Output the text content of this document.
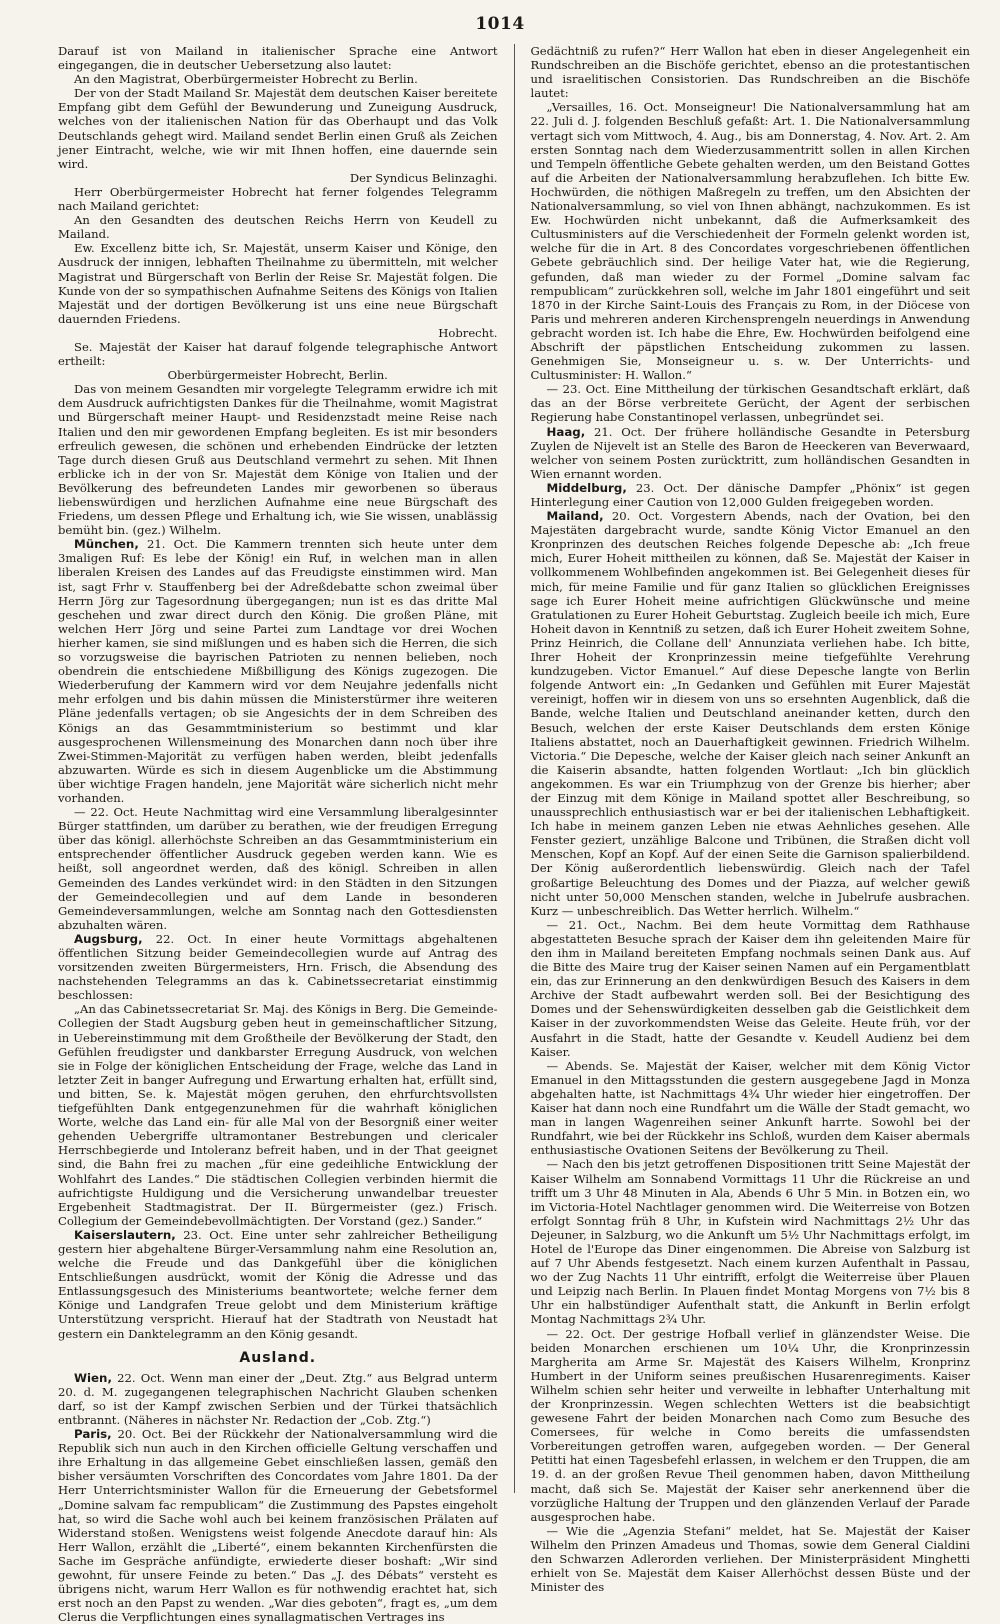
1014

Darauf ist von Mailand in italienischer Sprache eine Antwort eingegangen, die in deutscher Uebersetzung also lautet:

An den Magistrat, Oberbürgermeister Hobrecht zu Berlin.

Der von der Stadt Mailand Sr. Majestät dem deutschen Kaiser bereitete Empfang gibt dem Gefühl der Bewunderung und Zuneigung Ausdruck, welches von der italienischen Nation für das Oberhaupt und das Volk Deutschlands gehegt wird. Mailand sendet Berlin einen Gruß als Zeichen jener Eintracht, welche, wie wir mit Ihnen hoffen, eine dauernde sein wird.

Der Syndicus Belinzaghi.

Herr Oberbürgermeister Hobrecht hat ferner folgendes Telegramm nach Mailand gerichtet:

An den Gesandten des deutschen Reichs Herrn von Keudell zu Mailand.

Ew. Excellenz bitte ich, Sr. Majestät, unserm Kaiser und Könige, den Ausdruck der innigen, lebhaften Theilnahme zu übermitteln, mit welcher Magistrat und Bürgerschaft von Berlin der Reise Sr. Majestät folgen. Die Kunde von der so sympathischen Aufnahme Seitens des Königs von Italien Majestät und der dortigen Bevölkerung ist uns eine neue Bürgschaft dauernden Friedens.

Hobrecht.

Se. Majestät der Kaiser hat darauf folgende telegraphische Antwort ertheilt:

Oberbürgermeister Hobrecht, Berlin.

Das von meinem Gesandten mir vorgelegte Telegramm erwidre ich mit dem Ausdruck aufrichtigsten Dankes für die Theilnahme, womit Magistrat und Bürgerschaft meiner Haupt- und Residenzstadt meine Reise nach Italien und den mir gewordenen Empfang begleiten. Es ist mir besonders erfreulich gewesen, die schönen und erhebenden Eindrücke der letzten Tage durch diesen Gruß aus Deutschland vermehrt zu sehen. Mit Ihnen erblicke ich in der von Sr. Majestät dem Könige von Italien und der Bevölkerung des befreundeten Landes mir geworbenen so überaus liebenswürdigen und herzlichen Aufnahme eine neue Bürgschaft des Friedens, um dessen Pflege und Erhaltung ich, wie Sie wissen, unablässig bemüht bin. (gez.) Wilhelm.

München, 21. Oct. Die Kammern trennten sich heute unter dem 3maligen Ruf: Es lebe der König! ein Ruf, in welchen man in allen liberalen Kreisen des Landes auf das Freudigste einstimmen wird. Man ist, sagt Frhr v. Stauffenberg bei der Adreßdebatte schon zweimal über Herrn Jörg zur Tagesordnung übergegangen; nun ist es das dritte Mal geschehen und zwar direct durch den König. Die großen Pläne, mit welchen Herr Jörg und seine Partei zum Landtage vor drei Wochen hierher kamen, sie sind mißlungen und es haben sich die Herren, die sich so vorzugsweise die bayrischen Patrioten zu nennen belieben, noch obendrein die entschiedene Mißbilligung des Königs zugezogen. Die Wiederberufung der Kammern wird vor dem Neujahre jedenfalls nicht mehr erfolgen und bis dahin müssen die Ministerstürmer ihre weiteren Pläne jedenfalls vertagen; ob sie Angesichts der in dem Schreiben des Königs an das Gesammtministerium so bestimmt und klar ausgesprochenen Willensmeinung des Monarchen dann noch über ihre Zwei-Stimmen-Majorität zu verfügen haben werden, bleibt jedenfalls abzuwarten. Würde es sich in diesem Augenblicke um die Abstimmung über wichtige Fragen handeln, jene Majorität wäre sicherlich nicht mehr vorhanden.

— 22. Oct. Heute Nachmittag wird eine Versammlung liberalgesinnter Bürger stattfinden, um darüber zu berathen, wie der freudigen Erregung über das königl. allerhöchste Schreiben an das Gesammtministerium ein entsprechender öffentlicher Ausdruck gegeben werden kann. Wie es heißt, soll angeordnet werden, daß des königl. Schreiben in allen Gemeinden des Landes verkündet wird: in den Städten in den Sitzungen der Gemeindecollegien und auf dem Lande in besonderen Gemeindeversammlungen, welche am Sonntag nach den Gottesdiensten abzuhalten wären.

Augsburg, 22. Oct. In einer heute Vormittags abgehaltenen öffentlichen Sitzung beider Gemeindecollegien wurde auf Antrag des vorsitzenden zweiten Bürgermeisters, Hrn. Frisch, die Absendung des nachstehenden Telegramms an das k. Cabinetssecretariat einstimmig beschlossen:

„An das Cabinetssecretariat Sr. Maj. des Königs in Berg. Die Gemeinde-Collegien der Stadt Augsburg geben heut in gemeinschaftlicher Sitzung, in Uebereinstimmung mit dem Großtheile der Bevölkerung der Stadt, den Gefühlen freudigster und dankbarster Erregung Ausdruck, von welchen sie in Folge der königlichen Entscheidung der Frage, welche das Land in letzter Zeit in banger Aufregung und Erwartung erhalten hat, erfüllt sind, und bitten, Se. k. Majestät mögen geruhen, den ehrfurchtsvollsten tiefgefühlten Dank entgegenzunehmen für die wahrhaft königlichen Worte, welche das Land ein- für alle Mal von der Besorgniß einer weiter gehenden Uebergriffe ultramontaner Bestrebungen und clericaler Herrschbegierde und Intoleranz befreit haben, und in der That geeignet sind, die Bahn frei zu machen „für eine gedeihliche Entwicklung der Wohlfahrt des Landes.“ Die städtischen Collegien verbinden hiermit die aufrichtigste Huldigung und die Versicherung unwandelbar treuester Ergebenheit Stadtmagistrat. Der II. Bürgermeister (gez.) Frisch. Collegium der Gemeindebevollmächtigten. Der Vorstand (gez.) Sander.“

Kaiserslautern, 23. Oct. Eine unter sehr zahlreicher Betheiligung gestern hier abgehaltene Bürger-Versammlung nahm eine Resolution an, welche die Freude und das Dankgefühl über die königlichen Entschließungen ausdrückt, womit der König die Adresse und das Entlassungsgesuch des Ministeriums beantwortete; welche ferner dem Könige und Landgrafen Treue gelobt und dem Ministerium kräftige Unterstützung verspricht. Hierauf hat der Stadtrath von Neustadt hat gestern ein Danktelegramm an den König gesandt.

Ausland.

Wien, 22. Oct. Wenn man einer der „Deut. Ztg.“ aus Belgrad unterm 20. d. M. zugegangenen telegraphischen Nachricht Glauben schenken darf, so ist der Kampf zwischen Serbien und der Türkei thatsächlich entbrannt. (Näheres in nächster Nr. Redaction der „Cob. Ztg.“)

Paris, 20. Oct. Bei der Rückkehr der Nationalversammlung wird die Republik sich nun auch in den Kirchen officielle Geltung verschaffen und ihre Erhaltung in das allgemeine Gebet einschließen lassen, gemäß den bisher versäumten Vorschriften des Concordates vom Jahre 1801. Da der Herr Unterrichtsminister Wallon für die Erneuerung der Gebetsformel „Domine salvam fac rempublicam“ die Zustimmung des Papstes eingeholt hat, so wird die Sache wohl auch bei keinem französischen Prälaten auf Widerstand stoßen. Wenigstens weist folgende Anecdote darauf hin: Als Herr Wallon, erzählt die „Liberté“, einem bekannten Kirchenfürsten die Sache im Gespräche anfündigte, erwiederte dieser boshaft: „Wir sind gewohnt, für unsere Feinde zu beten.“ Das „J. des Débats“ versteht es übrigens nicht, warum Herr Wallon es für nothwendig erachtet hat, sich erst noch an den Papst zu wenden. „War dies geboten“, fragt es, „um dem Clerus die Verpflichtungen eines synallagmatischen Vertrages ins

Gedächtniß zu rufen?“ Herr Wallon hat eben in dieser Angelegenheit ein Rundschreiben an die Bischöfe gerichtet, ebenso an die protestantischen und israelitischen Consistorien. Das Rundschreiben an die Bischöfe lautet:

„Versailles, 16. Oct. Monseigneur! Die Nationalversammlung hat am 22. Juli d. J. folgenden Beschluß gefaßt: Art. 1. Die Nationalversammlung vertagt sich vom Mittwoch, 4. Aug., bis am Donnerstag, 4. Nov. Art. 2. Am ersten Sonntag nach dem Wiederzusammentritt sollen in allen Kirchen und Tempeln öffentliche Gebete gehalten werden, um den Beistand Gottes auf die Arbeiten der Nationalversammlung herabzuflehen. Ich bitte Ew. Hochwürden, die nöthigen Maßregeln zu treffen, um den Absichten der Nationalversammlung, so viel von Ihnen abhängt, nachzukommen. Es ist Ew. Hochwürden nicht unbekannt, daß die Aufmerksamkeit des Cultusministers auf die Verschiedenheit der Formeln gelenkt worden ist, welche für die in Art. 8 des Concordates vorgeschriebenen öffentlichen Gebete gebräuchlich sind. Der heilige Vater hat, wie die Regierung, gefunden, daß man wieder zu der Formel „Domine salvam fac rempublicam“ zurückkehren soll, welche im Jahr 1801 eingeführt und seit 1870 in der Kirche Saint-Louis des Français zu Rom, in der Diöcese von Paris und mehreren anderen Kirchensprengeln neuerdings in Anwendung gebracht worden ist. Ich habe die Ehre, Ew. Hochwürden beifolgend eine Abschrift der päpstlichen Entscheidung zukommen zu lassen. Genehmigen Sie, Monseigneur u. s. w. Der Unterrichts- und Cultusminister: H. Wallon.“

— 23. Oct. Eine Mittheilung der türkischen Gesandtschaft erklärt, daß das an der Börse verbreitete Gerücht, der Agent der serbischen Regierung habe Constantinopel verlassen, unbegründet sei.

Haag, 21. Oct. Der frühere holländische Gesandte in Petersburg Zuylen de Nijevelt ist an Stelle des Baron de Heeckeren van Beverwaard, welcher von seinem Posten zurücktritt, zum holländischen Gesandten in Wien ernannt worden.

Middelburg, 23. Oct. Der dänische Dampfer „Phönix“ ist gegen Hinterlegung einer Caution von 12,000 Gulden freigegeben worden.

Mailand, 20. Oct. Vorgestern Abends, nach der Ovation, bei den Majestäten dargebracht wurde, sandte König Victor Emanuel an den Kronprinzen des deutschen Reiches folgende Depesche ab: „Ich freue mich, Eurer Hoheit mittheilen zu können, daß Se. Majestät der Kaiser in vollkommenem Wohlbefinden angekommen ist. Bei Gelegenheit dieses für mich, für meine Familie und für ganz Italien so glücklichen Ereignisses sage ich Eurer Hoheit meine aufrichtigen Glückwünsche und meine Gratulationen zu Eurer Hoheit Geburtstag. Zugleich beeile ich mich, Eure Hoheit davon in Kenntniß zu setzen, daß ich Eurer Hoheit zweitem Sohne, Prinz Heinrich, die Collane dell' Annunziata verliehen habe. Ich bitte, Ihrer Hoheit der Kronprinzessin meine tiefgefühlte Verehrung kundzugeben. Victor Emanuel.“ Auf diese Depesche langte von Berlin folgende Antwort ein: „In Gedanken und Gefühlen mit Eurer Majestät vereinigt, hoffen wir in diesem von uns so ersehnten Augenblick, daß die Bande, welche Italien und Deutschland aneinander ketten, durch den Besuch, welchen der erste Kaiser Deutschlands dem ersten Könige Italiens abstattet, noch an Dauerhaftigkeit gewinnen. Friedrich Wilhelm. Victoria.“ Die Depesche, welche der Kaiser gleich nach seiner Ankunft an die Kaiserin absandte, hatten folgenden Wortlaut: „Ich bin glücklich angekommen. Es war ein Triumphzug von der Grenze bis hierher; aber der Einzug mit dem Könige in Mailand spottet aller Beschreibung, so unaussprechlich enthusiastisch war er bei der italienischen Lebhaftigkeit. Ich habe in meinem ganzen Leben nie etwas Aehnliches gesehen. Alle Fenster geziert, unzählige Balcone und Tribünen, die Straßen dicht voll Menschen, Kopf an Kopf. Auf der einen Seite die Garnison spalierbildend. Der König außerordentlich liebenswürdig. Gleich nach der Tafel großartige Beleuchtung des Domes und der Piazza, auf welcher gewiß nicht unter 50,000 Menschen standen, welche in Jubelrufe ausbrachen. Kurz — unbeschreiblich. Das Wetter herrlich. Wilhelm.“

— 21. Oct., Nachm. Bei dem heute Vormittag dem Rathhause abgestatteten Besuche sprach der Kaiser dem ihn geleitenden Maire für den ihm in Mailand bereiteten Empfang nochmals seinen Dank aus. Auf die Bitte des Maire trug der Kaiser seinen Namen auf ein Pergamentblatt ein, das zur Erinnerung an den denkwürdigen Besuch des Kaisers in dem Archive der Stadt aufbewahrt werden soll. Bei der Besichtigung des Domes und der Sehenswürdigkeiten desselben gab die Geistlichkeit dem Kaiser in der zuvorkommendsten Weise das Geleite. Heute früh, vor der Ausfahrt in die Stadt, hatte der Gesandte v. Keudell Audienz bei dem Kaiser.

— Abends. Se. Majestät der Kaiser, welcher mit dem König Victor Emanuel in den Mittagsstunden die gestern ausgegebene Jagd in Monza abgehalten hatte, ist Nachmittags 4¾ Uhr wieder hier eingetroffen. Der Kaiser hat dann noch eine Rundfahrt um die Wälle der Stadt gemacht, wo man in langen Wagenreihen seiner Ankunft harrte. Sowohl bei der Rundfahrt, wie bei der Rückkehr ins Schloß, wurden dem Kaiser abermals enthusiastische Ovationen Seitens der Bevölkerung zu Theil.

— Nach den bis jetzt getroffenen Dispositionen tritt Seine Majestät der Kaiser Wilhelm am Sonnabend Vormittags 11 Uhr die Rückreise an und trifft um 3 Uhr 48 Minuten in Ala, Abends 6 Uhr 5 Min. in Botzen ein, wo im Victoria-Hotel Nachtlager genommen wird. Die Weiterreise von Botzen erfolgt Sonntag früh 8 Uhr, in Kufstein wird Nachmittags 2½ Uhr das Dejeuner, in Salzburg, wo die Ankunft um 5½ Uhr Nachmittags erfolgt, im Hotel de l'Europe das Diner eingenommen. Die Abreise von Salzburg ist auf 7 Uhr Abends festgesetzt. Nach einem kurzen Aufenthalt in Passau, wo der Zug Nachts 11 Uhr eintrifft, erfolgt die Weiterreise über Plauen und Leipzig nach Berlin. In Plauen findet Montag Morgens von 7½ bis 8 Uhr ein halbstündiger Aufenthalt statt, die Ankunft in Berlin erfolgt Montag Nachmittags 2¾ Uhr.

— 22. Oct. Der gestrige Hofball verlief in glänzendster Weise. Die beiden Monarchen erschienen um 10¼ Uhr, die Kronprinzessin Margherita am Arme Sr. Majestät des Kaisers Wilhelm, Kronprinz Humbert in der Uniform seines preußischen Husarenregiments. Kaiser Wilhelm schien sehr heiter und verweilte in lebhafter Unterhaltung mit der Kronprinzessin. Wegen schlechten Wetters ist die beabsichtigt gewesene Fahrt der beiden Monarchen nach Como zum Besuche des Comersees, für welche in Como bereits die umfassendsten Vorbereitungen getroffen waren, aufgegeben worden. — Der General Petitti hat einen Tagesbefehl erlassen, in welchem er den Truppen, die am 19. d. an der großen Revue Theil genommen haben, davon Mittheilung macht, daß sich Se. Majestät der Kaiser sehr anerkennend über die vorzügliche Haltung der Truppen und den glänzenden Verlauf der Parade ausgesprochen habe.

— Wie die „Agenzia Stefani“ meldet, hat Se. Majestät der Kaiser Wilhelm den Prinzen Amadeus und Thomas, sowie dem General Cialdini den Schwarzen Adlerorden verliehen. Der Ministerpräsident Minghetti erhielt von Se. Majestät dem Kaiser Allerhöchst dessen Büste und der Minister des
